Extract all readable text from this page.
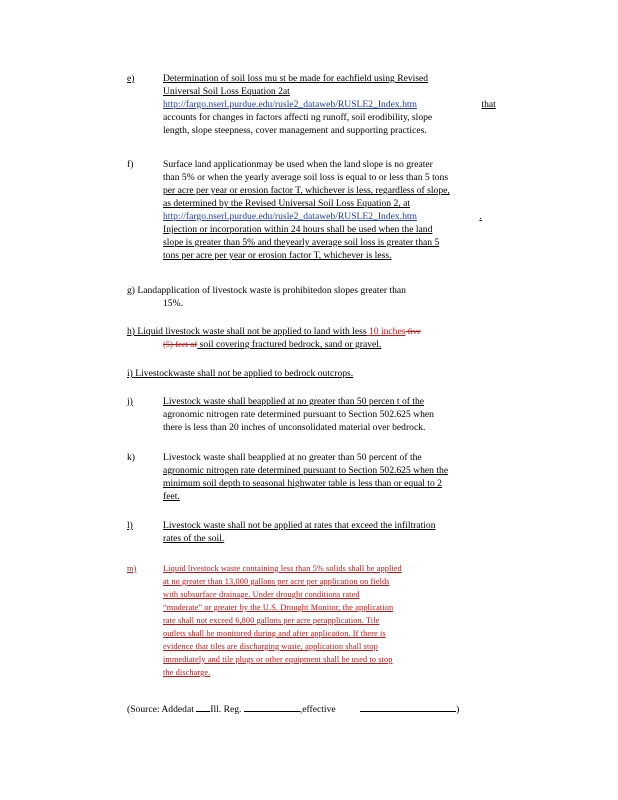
e)	Determination of soil loss mu st be made for eachfield using Revised
Universal Soil Loss Equation 2at
http://fargo.nserl.purdue.edu/rusle2_dataweb/RUSLE2_Index.htm	that
accounts for changes in factors affecti ng runoff, soil erodibility, slope
length, slope steepness, cover management and supporting practices.
f)	Surface land applicationmay be used when the land slope is no greater
than 5% or when the yearly average soil loss is equal to or less than 5 tons
per acre per year or erosion factor T, whichever is less, regardless of slope,
as determined by the Revised Universal Soil Loss Equation 2, at
http://fargo.nserl.purdue.edu/rusle2_dataweb/RUSLE2_Index.htm	.
Injection or incorporation within 24 hours shall be used when the land
slope is greater than 5% and theyearly average soil loss is greater than 5
tons per acre per year or erosion factor T, whichever is less.
g) Landapplication of livestock waste is prohibitedon slopes greater than
15%.
h) Liquid livestock waste shall not be applied to land with less 10 inches five
(5) feet of soil covering fractured bedrock, sand or gravel.
i) Livestockwaste shall not be applied to bedrock outcrops.
j)	Livestock waste shall beapplied at no greater than 50 percen t of the
agronomic nitrogen rate determined pursuant to Section 502.625 when
there is less than 20 inches of unconsolidated material over bedrock.
k)	Livestock waste shall beapplied at no greater than 50 percent of the
agronomic nitrogen rate determined pursuant to Section 502.625 when the
minimum soil depth to seasonal highwater table is less than or equal to 2
feet.
l)	Livestock waste shall not be applied at rates that exceed the infiltration
rates of the soil.
m)	Liquid livestock waste containing less than 5% solids shall be applied
at no greater than 13,000 gallons per acre per application on fields
with subsurface drainage. Under drought conditions rated
“moderate” or greater by the U.S. Drought Monitor, the application
rate shall not exceed 6,800 gallons per acre perapplication. Tile
outlets shall be monitored during and after application. If there is
evidence that tiles are discharging waste, application shall stop
immediately and tile plugs or other equipment shall be used to stop
the discharge.
(Source: Addedat Ill. Reg.	,effective	)
